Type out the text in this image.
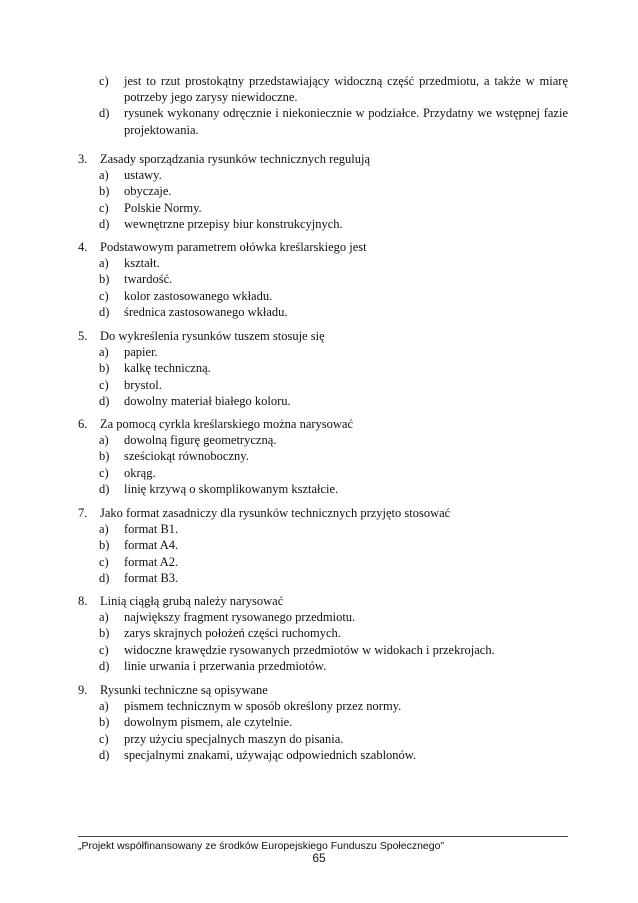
c)	jest to rzut prostokątny przedstawiający widoczną część przedmiotu, a także w miarę potrzeby jego zarysy niewidoczne.
d)	rysunek wykonany odręcznie i niekoniecznie w podziałce. Przydatny we wstępnej fazie projektowania.
3.	Zasady sporządzania rysunków technicznych regulują
a)	ustawy.
b)	obyczaje.
c)	Polskie Normy.
d)	wewnętrzne przepisy biur konstrukcyjnych.
4.	Podstawowym parametrem ołówka kreślarskiego jest
a)	kształt.
b)	twardość.
c)	kolor zastosowanego wkładu.
d)	średnica zastosowanego wkładu.
5.	Do wykreślenia rysunków tuszem stosuje się
a)	papier.
b)	kalkę techniczną.
c)	brystol.
d)	dowolny materiał białego koloru.
6.	Za pomocą cyrkla kreślarskiego można narysować
a)	dowolną figurę geometryczną.
b)	sześciokąt równoboczny.
c)	okrąg.
d)	linię krzywą o skomplikowanym kształcie.
7.	Jako format zasadniczy dla rysunków technicznych przyjęto stosować
a)	format B1.
b)	format A4.
c)	format A2.
d)	format B3.
8.	Linią ciągłą grubą należy narysować
a)	największy fragment rysowanego przedmiotu.
b)	zarys skrajnych położeń części ruchomych.
c)	widoczne krawędzie rysowanych przedmiotów w widokach i przekrojach.
d)	linie urwania i przerwania przedmiotów.
9.	Rysunki techniczne są opisywane
a)	pismem technicznym w sposób określony przez normy.
b)	dowolnym pismem, ale czytelnie.
c)	przy użyciu specjalnych maszyn do pisania.
d)	specjalnymi znakami, używając odpowiednich szablonów.
„Projekt współfinansowany ze środków Europejskiego Funduszu Społecznego”
65
